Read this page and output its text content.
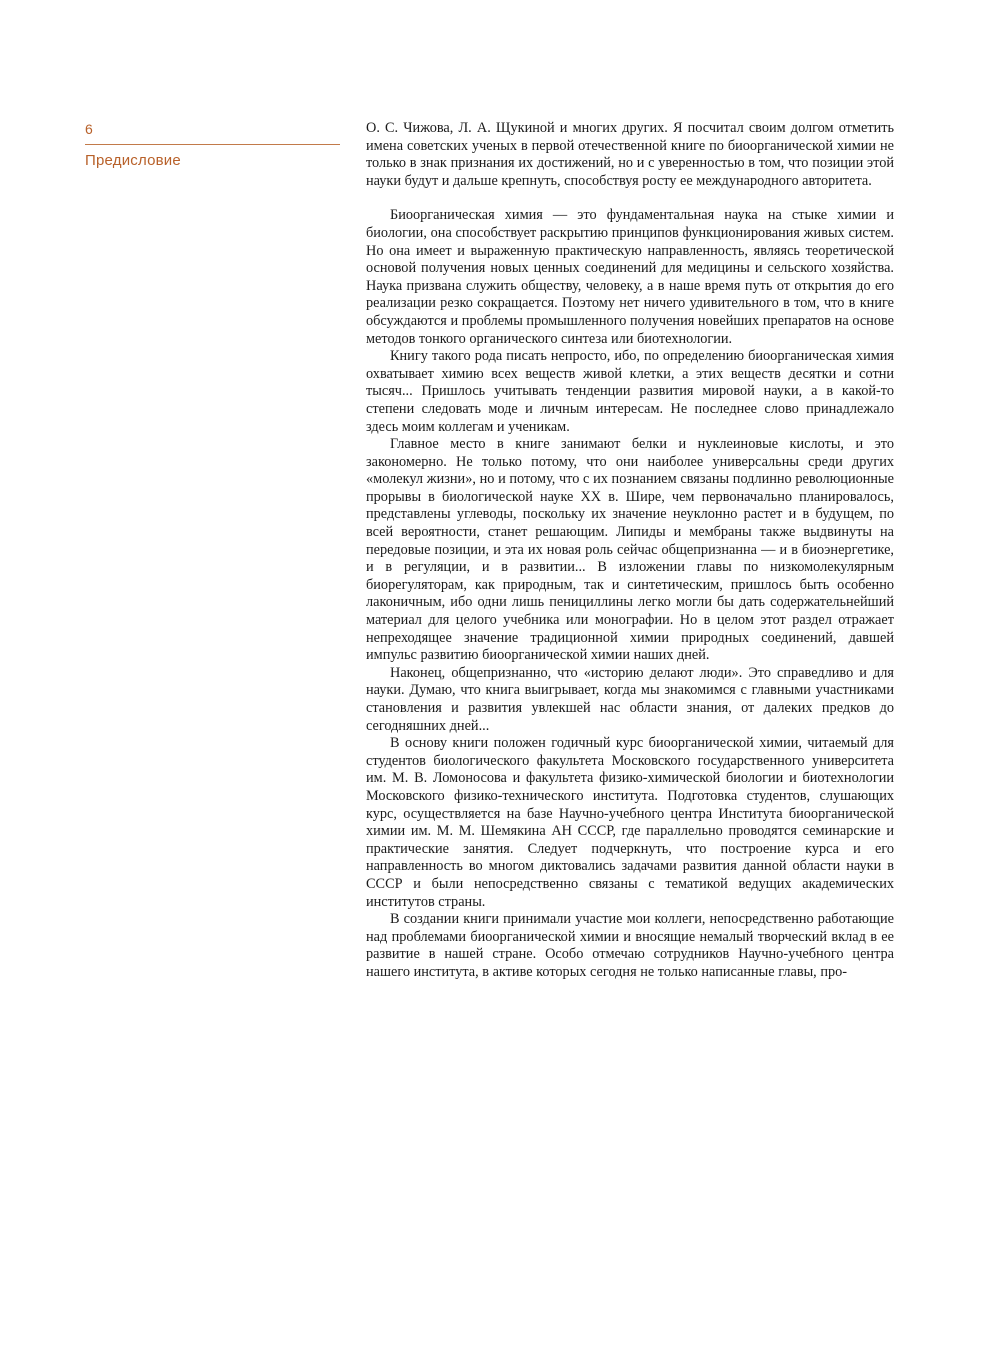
6
Предисловие

О. С. Чижова, Л. А. Щукиной и многих других. Я посчитал своим долгом отметить имена советских ученых в первой отечественной книге по биоорганической химии не только в знак признания их достижений, но и с уверенностью в том, что позиции этой науки будут и дальше крепнуть, способствуя росту ее международного авторитета.

Биоорганическая химия — это фундаментальная наука на стыке химии и биологии, она способствует раскрытию принципов функционирования живых систем. Но она имеет и выраженную практическую направленность, являясь теоретической основой получения новых ценных соединений для медицины и сельского хозяйства. Наука призвана служить обществу, человеку, а в наше время путь от открытия до его реализации резко сокращается. Поэтому нет ничего удивительного в том, что в книге обсуждаются и проблемы промышленного получения новейших препаратов на основе методов тонкого органического синтеза или биотехнологии.

Книгу такого рода писать непросто, ибо, по определению биоорганическая химия охватывает химию всех веществ живой клетки, а этих веществ десятки и сотни тысяч... Пришлось учитывать тенденции развития мировой науки, а в какой-то степени следовать моде и личным интересам. Не последнее слово принадлежало здесь моим коллегам и ученикам.

Главное место в книге занимают белки и нуклеиновые кислоты, и это закономерно. Не только потому, что они наиболее универсальны среди других «молекул жизни», но и потому, что с их познанием связаны подлинно революционные прорывы в биологической науке XX в. Шире, чем первоначально планировалось, представлены углеводы, поскольку их значение неуклонно растет и в будущем, по всей вероятности, станет решающим. Липиды и мембраны также выдвинуты на передовые позиции, и эта их новая роль сейчас общепризнанна — и в биоэнергетике, и в регуляции, и в развитии... В изложении главы по низкомолекулярным биорегуляторам, как природным, так и синтетическим, пришлось быть особенно лаконичным, ибо одни лишь пенициллины легко могли бы дать содержательнейший материал для целого учебника или монографии. Но в целом этот раздел отражает непреходящее значение традиционной химии природных соединений, давшей импульс развитию биоорганической химии наших дней.

Наконец, общепризнанно, что «историю делают люди». Это справедливо и для науки. Думаю, что книга выигрывает, когда мы знакомимся с главными участниками становления и развития увлекшей нас области знания, от далеких предков до сегодняшних дней...

В основу книги положен годичный курс биоорганической химии, читаемый для студентов биологического факультета Московского государственного университета им. М. В. Ломоносова и факультета физико-химической биологии и биотехнологии Московского физико-технического института. Подготовка студентов, слушающих курс, осуществляется на базе Научно-учебного центра Института биоорганической химии им. М. М. Шемякина АН СССР, где параллельно проводятся семинарские и практические занятия. Следует подчеркнуть, что построение курса и его направленность во многом диктовались задачами развития данной области науки в СССР и были непосредственно связаны с тематикой ведущих академических институтов страны.

В создании книги принимали участие мои коллеги, непосредственно работающие над проблемами биоорганической химии и вносящие немалый творческий вклад в ее развитие в нашей стране. Особо отмечаю сотрудников Научно-учебного центра нашего института, в активе которых сегодня не только написанные главы, про-
